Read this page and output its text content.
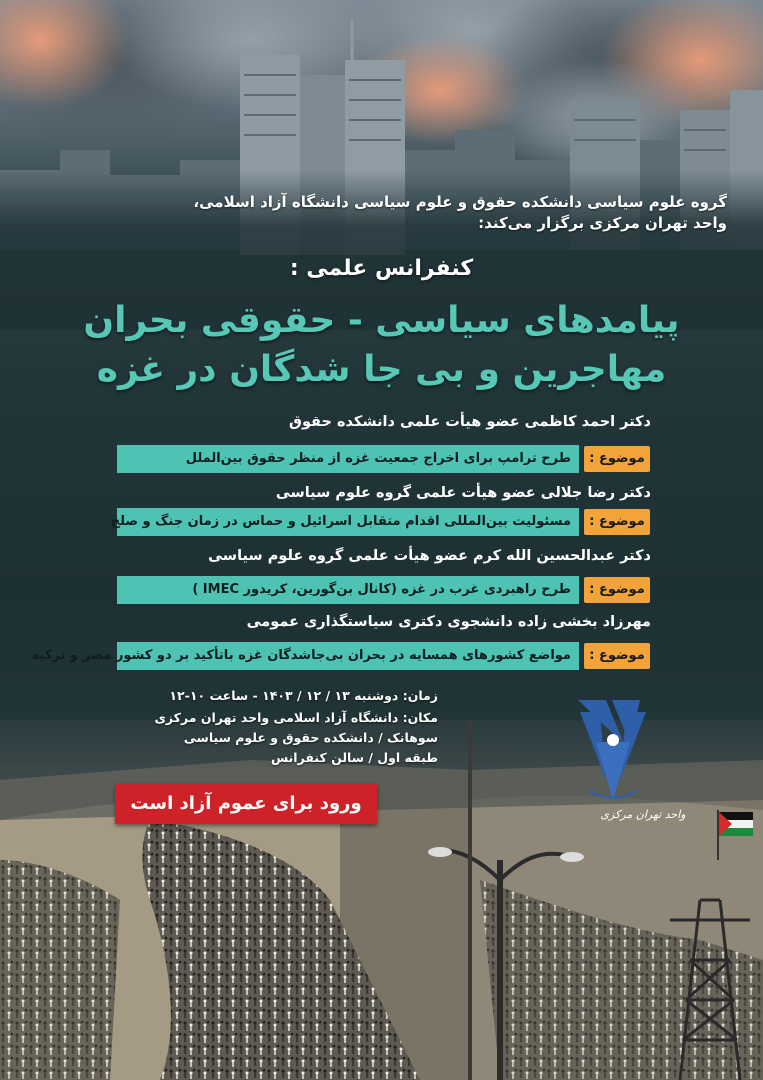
گروه علوم سیاسی دانشکده حقوق و علوم سیاسی دانشگاه آزاد اسلامی،
واحد تهران مرکزی برگزار می‌کند:
کنفرانس علمی :
پیامدهای سیاسی - حقوقی بحران
مهاجرین و بی جا شدگان در غزه
دکتر احمد کاظمی عضو هیأت علمی دانشکده حقوق
طرح ترامپ برای اخراج جمعیت غزه از منظر حقوق بین‌الملل	موضوع :
دکتر رضا جلالی عضو هیأت علمی گروه علوم سیاسی
مسئولیت بین‌المللی اقدام متقابل اسرائیل و حماس در زمان جنگ و صلح	موضوع :
دکتر عبدالحسین الله کرم عضو هیأت علمی گروه علوم سیاسی
طرح راهبردی غرب در غزه (کانال بن‌گورین، کریدور IMEC )	موضوع :
مهرزاد بخشی زاده دانشجوی دکتری سیاستگذاری عمومی
مواضع کشورهای همسایه در بحران بی‌جاشدگان غزه باتأکید بر دو کشور مصر و ترکیه	موضوع :
زمان: دوشنبه ۱۳ / ۱۲ / ۱۴۰۳ - ساعت ۱۰-۱۲
مکان: دانشگاه آزاد اسلامی واحد تهران مرکزی
سوهانک / دانشکده حقوق و علوم سیاسی
طبقه اول / سالن کنفرانس
ورود برای عموم آزاد است
واحد تهران مرکزی
